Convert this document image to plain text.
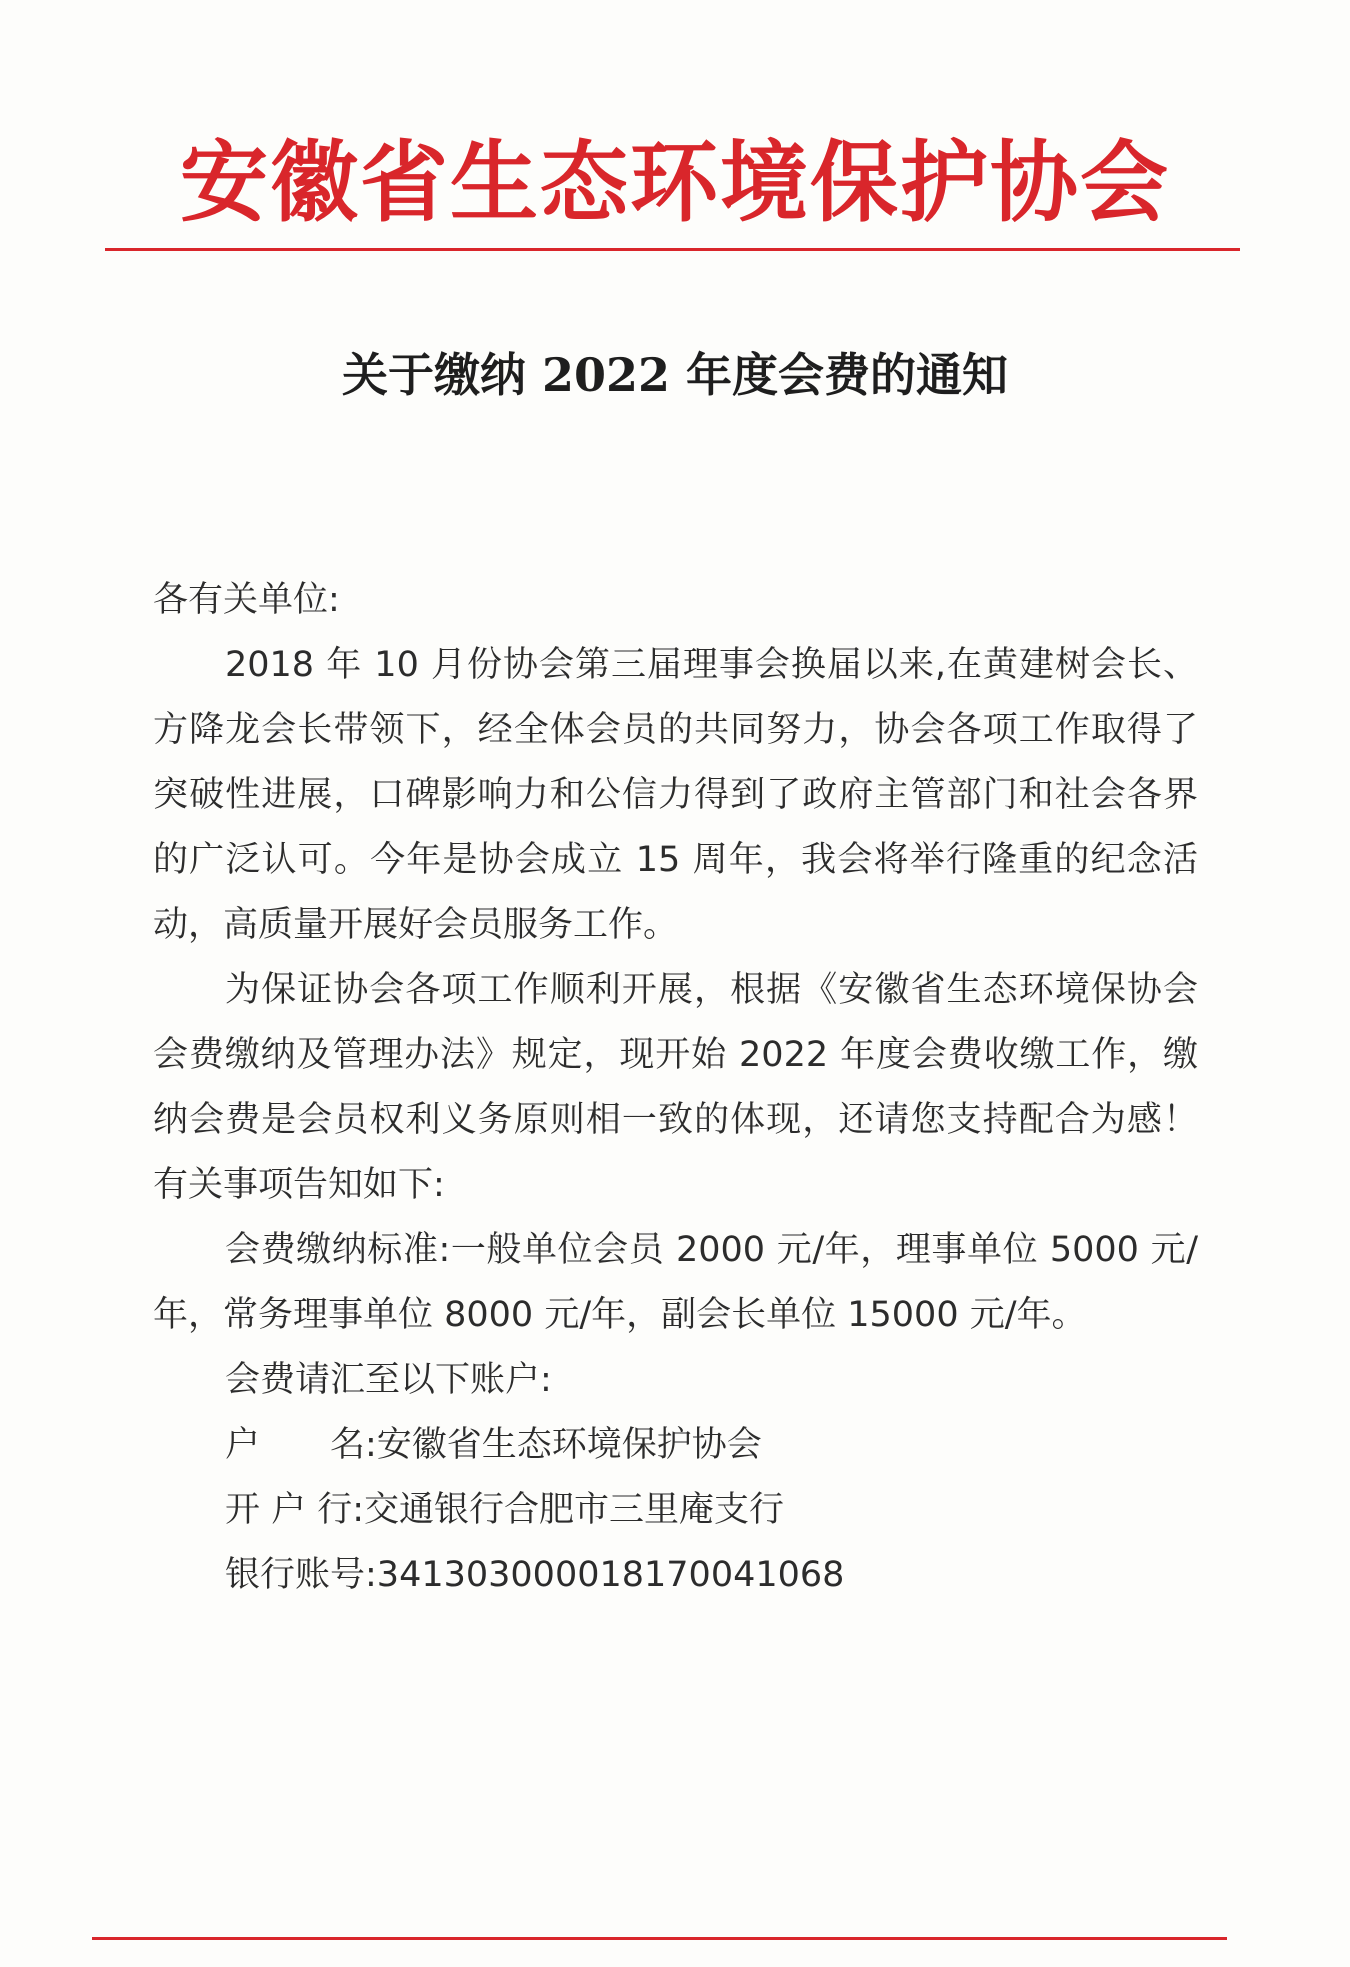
安徽省生态环境保护协会
关于缴纳 2022 年度会费的通知

各有关单位:

2018 年 10 月份协会第三届理事会换届以来,在黄建树会长、方降龙会长带领下，经全体会员的共同努力，协会各项工作取得了突破性进展，口碑影响力和公信力得到了政府主管部门和社会各界的广泛认可。今年是协会成立 15 周年，我会将举行隆重的纪念活动，高质量开展好会员服务工作。

为保证协会各项工作顺利开展，根据《安徽省生态环境保协会会费缴纳及管理办法》规定，现开始 2022 年度会费收缴工作，缴纳会费是会员权利义务原则相一致的体现，还请您支持配合为感！有关事项告知如下:

会费缴纳标准:一般单位会员 2000 元/年，理事单位 5000 元/年，常务理事单位 8000 元/年，副会长单位 15000 元/年。

会费请汇至以下账户:

户　　名:安徽省生态环境保护协会

开 户 行:交通银行合肥市三里庵支行

银行账号:341303000018170041068
